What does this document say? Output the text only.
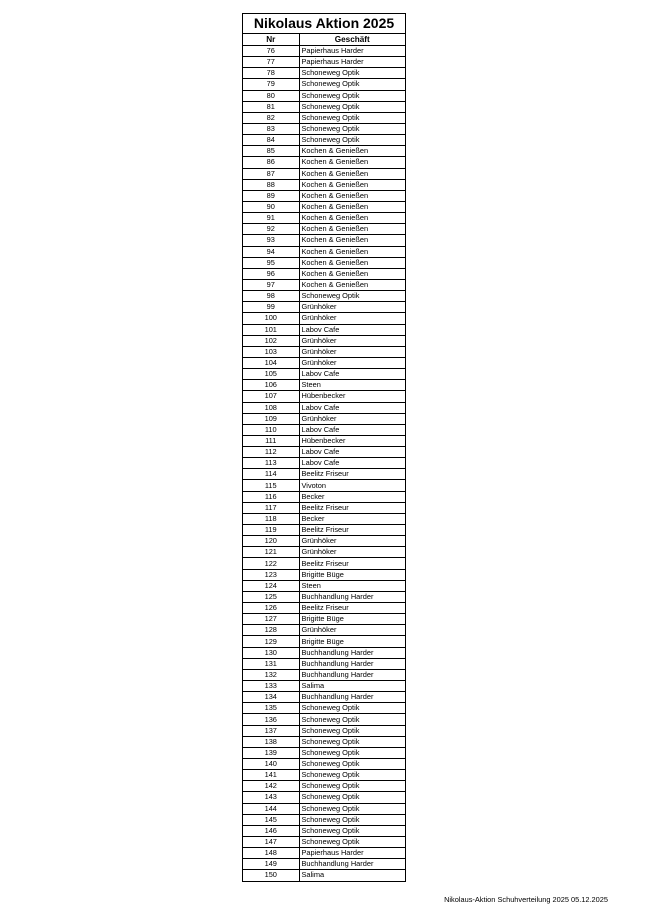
Nikolaus Aktion 2025
Nr	Geschäft
76	Papierhaus Harder
77	Papierhaus Harder
78	Schoneweg Optik
79	Schoneweg Optik
80	Schoneweg Optik
81	Schoneweg Optik
82	Schoneweg Optik
83	Schoneweg Optik
84	Schoneweg Optik
85	Kochen & Genießen
86	Kochen & Genießen
87	Kochen & Genießen
88	Kochen & Genießen
89	Kochen & Genießen
90	Kochen & Genießen
91	Kochen & Genießen
92	Kochen & Genießen
93	Kochen & Genießen
94	Kochen & Genießen
95	Kochen & Genießen
96	Kochen & Genießen
97	Kochen & Genießen
98	Schoneweg Optik
99	Grünhöker
100	Grünhöker
101	Labov Cafe
102	Grünhöker
103	Grünhöker
104	Grünhöker
105	Labov Cafe
106	Steen
107	Hübenbecker
108	Labov Cafe
109	Grünhöker
110	Labov Cafe
111	Hübenbecker
112	Labov Cafe
113	Labov Cafe
114	Beelitz Friseur
115	Vivoton
116	Becker
117	Beelitz Friseur
118	Becker
119	Beelitz Friseur
120	Grünhöker
121	Grünhöker
122	Beelitz Friseur
123	Brigitte Büge
124	Steen
125	Buchhandlung Harder
126	Beelitz Friseur
127	Brigitte Büge
128	Grünhöker
129	Brigitte Büge
130	Buchhandlung Harder
131	Buchhandlung Harder
132	Buchhandlung Harder
133	Salima
134	Buchhandlung Harder
135	Schoneweg Optik
136	Schoneweg Optik
137	Schoneweg Optik
138	Schoneweg Optik
139	Schoneweg Optik
140	Schoneweg Optik
141	Schoneweg Optik
142	Schoneweg Optik
143	Schoneweg Optik
144	Schoneweg Optik
145	Schoneweg Optik
146	Schoneweg Optik
147	Schoneweg Optik
148	Papierhaus Harder
149	Buchhandlung Harder
150	Salima
Nikolaus-Aktion Schuhverteilung 2025 05.12.2025
